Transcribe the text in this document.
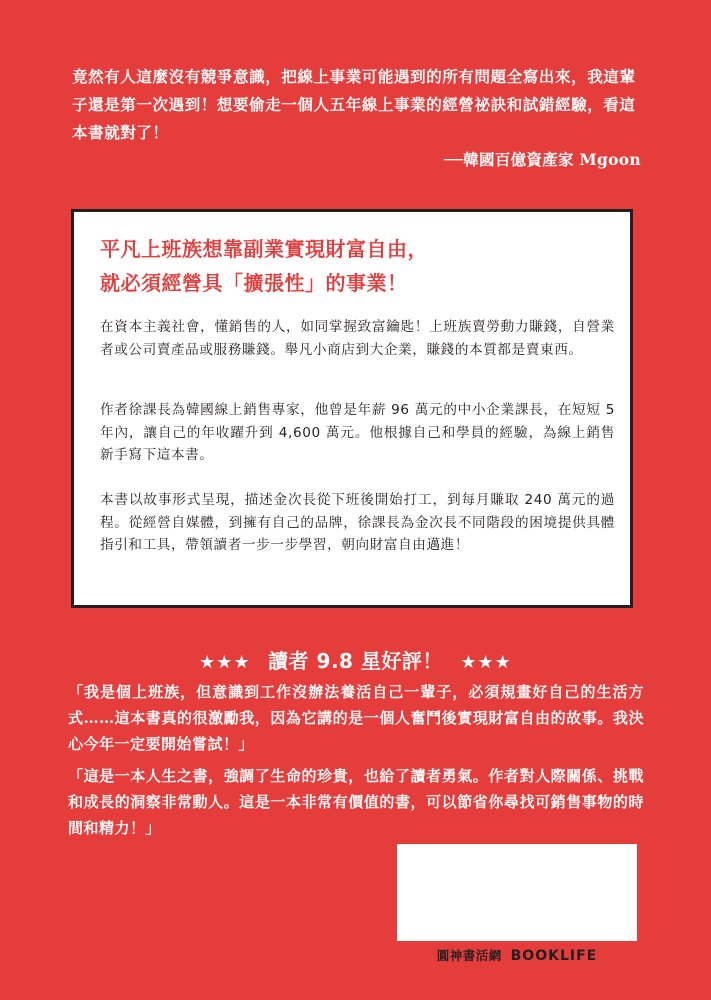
竟然有人這麼沒有競爭意識，把線上事業可能遇到的所有問題全寫出來，我這輩子還是第一次遇到！想要偷走一個人五年線上事業的經營祕訣和試錯經驗，看這本書就對了！
──韓國百億資產家 Mgoon
平凡上班族想靠副業實現財富自由，
就必須經營具「擴張性」的事業！
在資本主義社會，懂銷售的人，如同掌握致富鑰匙！上班族賣勞動力賺錢，自營業者或公司賣產品或服務賺錢。舉凡小商店到大企業，賺錢的本質都是賣東西。
作者徐課長為韓國線上銷售專家，他曾是年薪 96 萬元的中小企業課長，在短短 5 年內，讓自己的年收躍升到 4,600 萬元。他根據自己和學員的經驗，為線上銷售新手寫下這本書。
本書以故事形式呈現，描述金次長從下班後開始打工，到每月賺取 240 萬元的過程。從經營自媒體，到擁有自己的品牌，徐課長為金次長不同階段的困境提供具體指引和工具，帶領讀者一步一步學習，朝向財富自由邁進！
★★★ 讀者 9.8 星好評！ ★★★
「我是個上班族，但意識到工作沒辦法養活自己一輩子，必須規畫好自己的生活方式……這本書真的很激勵我，因為它講的是一個人奮鬥後實現財富自由的故事。我決心今年一定要開始嘗試！」
「這是一本人生之書，強調了生命的珍貴，也給了讀者勇氣。作者對人際關係、挑戰和成長的洞察非常動人。這是一本非常有價值的書，可以節省你尋找可銷售事物的時間和精力！」
圓神書活網 BOOKLIFE
